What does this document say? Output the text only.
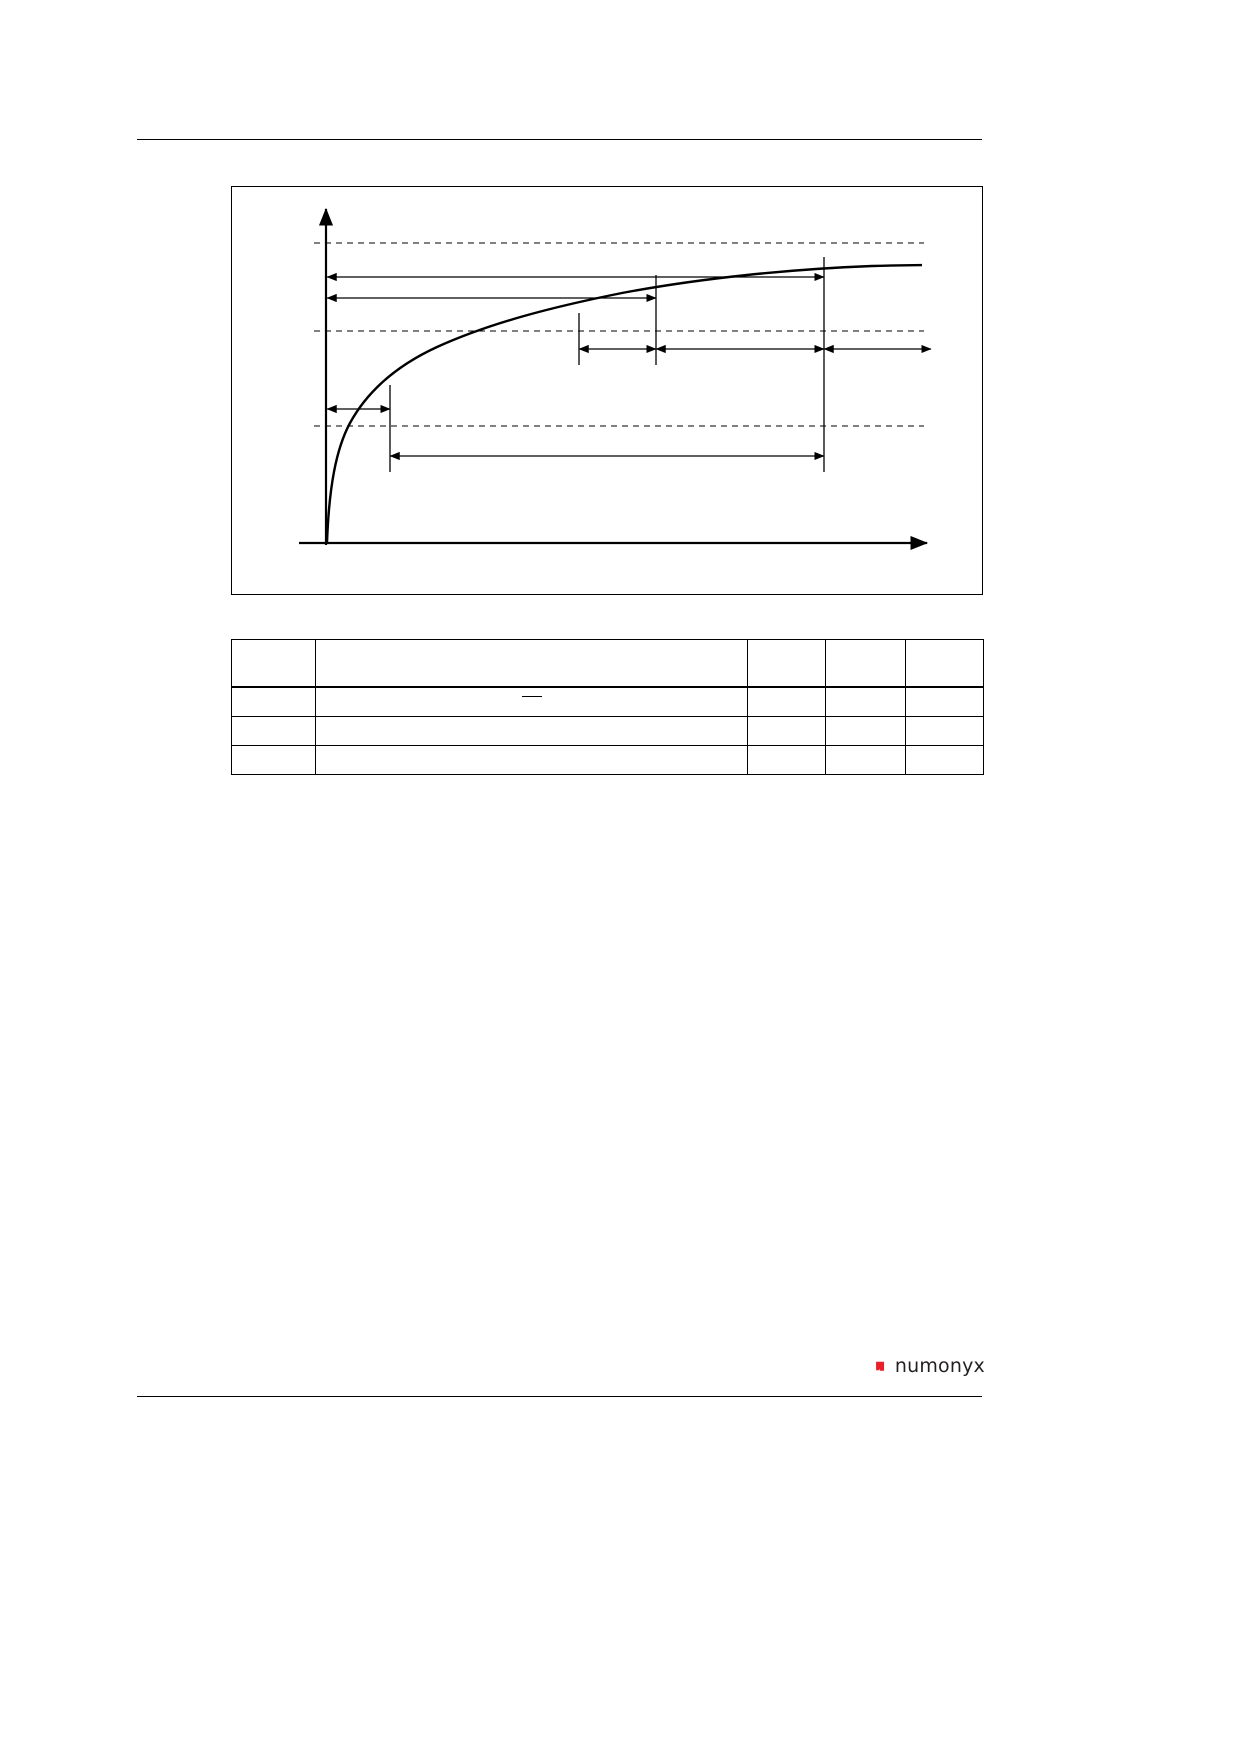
numonyx
